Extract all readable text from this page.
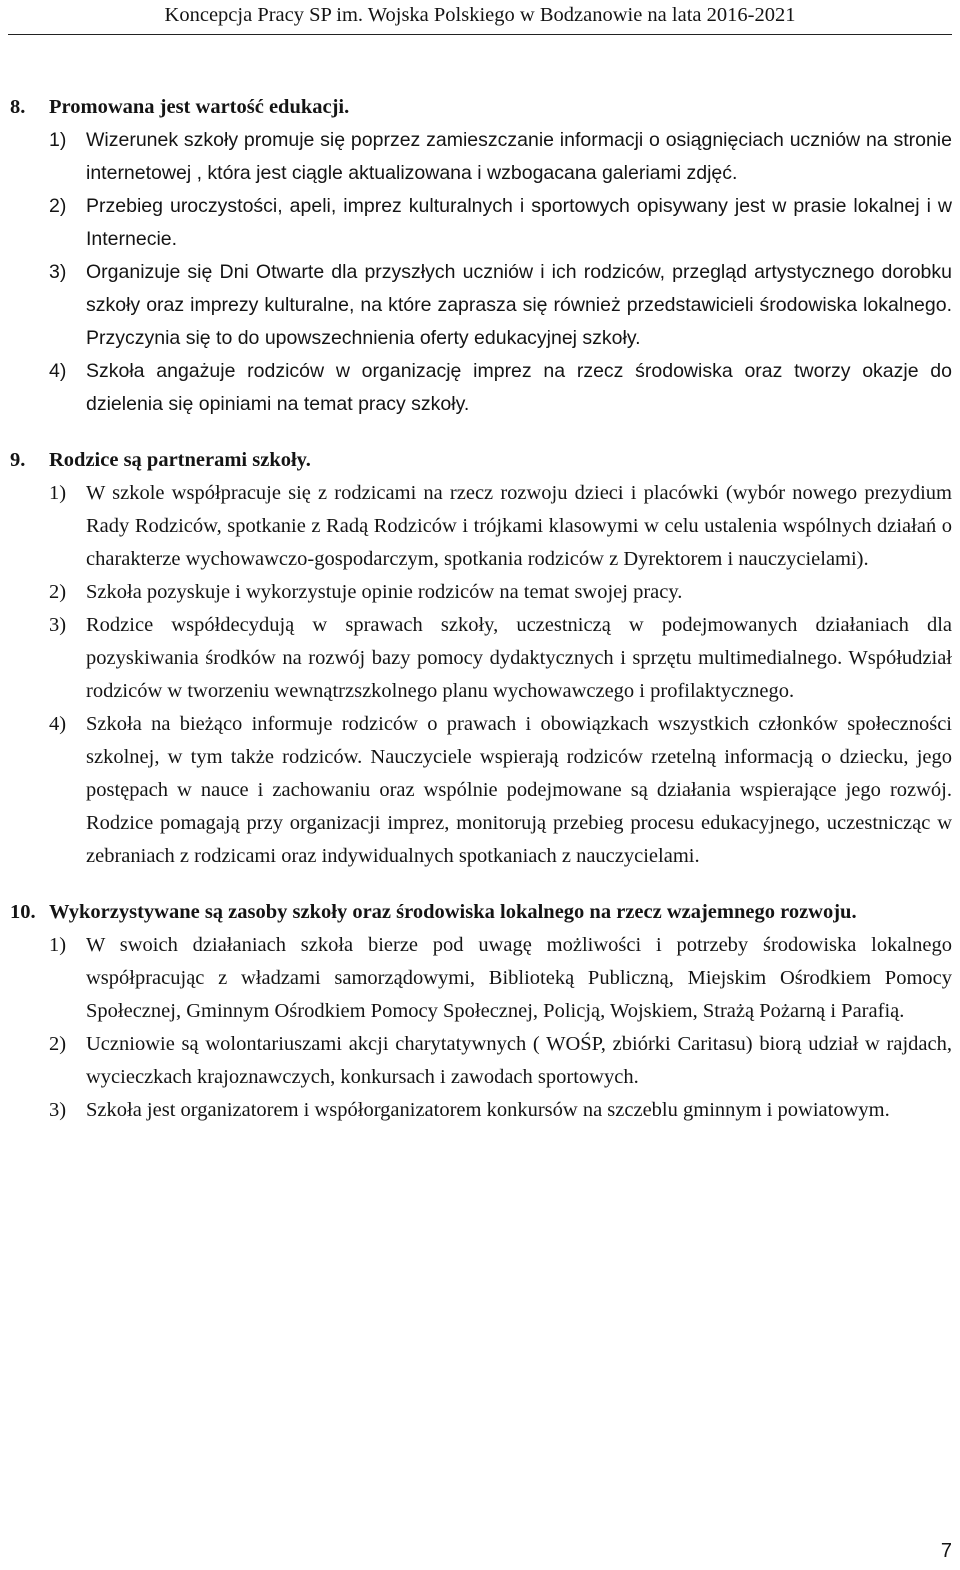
Koncepcja Pracy SP im. Wojska Polskiego w Bodzanowie na lata 2016-2021
8.	Promowana jest wartość edukacji.
1)	Wizerunek szkoły promuje się poprzez zamieszczanie informacji o osiągnięciach uczniów na stronie internetowej , która jest ciągle aktualizowana i wzbogacana galeriami zdjęć.
2)	Przebieg uroczystości, apeli, imprez kulturalnych i sportowych opisywany jest w prasie lokalnej i w Internecie.
3)	Organizuje się Dni Otwarte dla przyszłych uczniów i ich rodziców, przegląd artystycznego dorobku szkoły oraz imprezy kulturalne, na które zaprasza się również przedstawicieli środowiska lokalnego. Przyczynia się to do upowszechnienia oferty edukacyjnej szkoły.
4)	Szkoła angażuje rodziców w organizację imprez na rzecz środowiska oraz tworzy okazje do dzielenia się opiniami na temat pracy szkoły.
9.	Rodzice są partnerami szkoły.
1) W szkole współpracuje się z rodzicami na rzecz rozwoju dzieci i placówki (wybór nowego prezydium Rady Rodziców, spotkanie z Radą Rodziców i trójkami klasowymi w celu ustalenia wspólnych działań o charakterze wychowawczo-gospodarczym, spotkania rodziców z Dyrektorem i nauczycielami).
2) Szkoła pozyskuje i wykorzystuje opinie rodziców na temat swojej pracy.
3) Rodzice współdecydują w sprawach szkoły, uczestniczą w podejmowanych działaniach dla pozyskiwania środków na rozwój bazy pomocy dydaktycznych i sprzętu multimedialnego. Współudział rodziców w tworzeniu wewnątrzszkolnego planu wychowawczego i profilaktycznego.
4) Szkoła na bieżąco informuje rodziców o prawach i obowiązkach wszystkich członków społeczności szkolnej, w tym także rodziców. Nauczyciele wspierają rodziców rzetelną informacją o dziecku, jego postępach w nauce i zachowaniu oraz wspólnie podejmowane są działania wspierające jego rozwój. Rodzice pomagają przy organizacji imprez, monitorują przebieg procesu edukacyjnego, uczestnicząc w zebraniach z rodzicami oraz indywidualnych spotkaniach z nauczycielami.
10. Wykorzystywane są zasoby szkoły oraz środowiska lokalnego na rzecz wzajemnego rozwoju.
1) W swoich działaniach szkoła bierze pod uwagę możliwości i potrzeby środowiska lokalnego współpracując z władzami samorządowymi, Biblioteką Publiczną, Miejskim Ośrodkiem Pomocy Społecznej, Gminnym Ośrodkiem Pomocy Społecznej, Policją, Wojskiem, Strażą Pożarną i Parafią.
2) Uczniowie są wolontariuszami akcji charytatywnych ( WOŚP, zbiórki Caritasu) biorą udział w rajdach, wycieczkach krajoznawczych, konkursach i zawodach sportowych.
3) Szkoła jest organizatorem i współorganizatorem konkursów na szczeblu gminnym i powiatowym.
7
